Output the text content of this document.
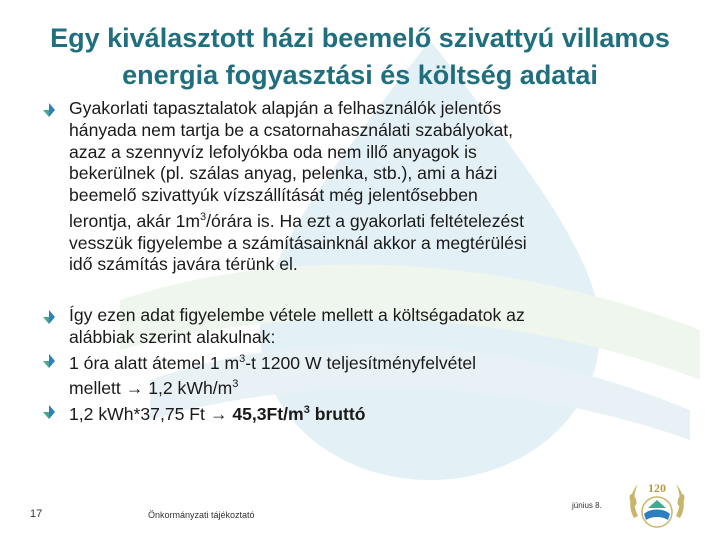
Egy kiválasztott házi beemelő szivattyú villamos
energia fogyasztási és költség adatai
Gyakorlati tapasztalatok alapján a felhasználók jelentős
hányada nem tartja be a csatornahasználati szabályokat,
azaz a szennyvíz lefolyókba oda nem illő anyagok is
bekerülnek (pl. szálas anyag, pelenka, stb.), ami a házi
beemelő szivattyúk vízszállítását még jelentősebben
lerontja, akár $1m^3$/órára is. Ha ezt a gyakorlati feltételezést
vesszük figyelembe a számításainknál akkor a megtérülési
idő számítás javára térünk el.
Így ezen adat figyelembe vétele mellett a költségadatok az
alábbiak szerint alakulnak:
1 óra alatt átemel 1 $m^3-t$ 1200 W teljesítményfelvétel
mellett → 1,2 kWh/$m^3$
1,2 kWh*37,75 $Ft \to 45,3Ft/m^3$ bruttó
17	Önkormányzati tájékoztató
június 8.
120
